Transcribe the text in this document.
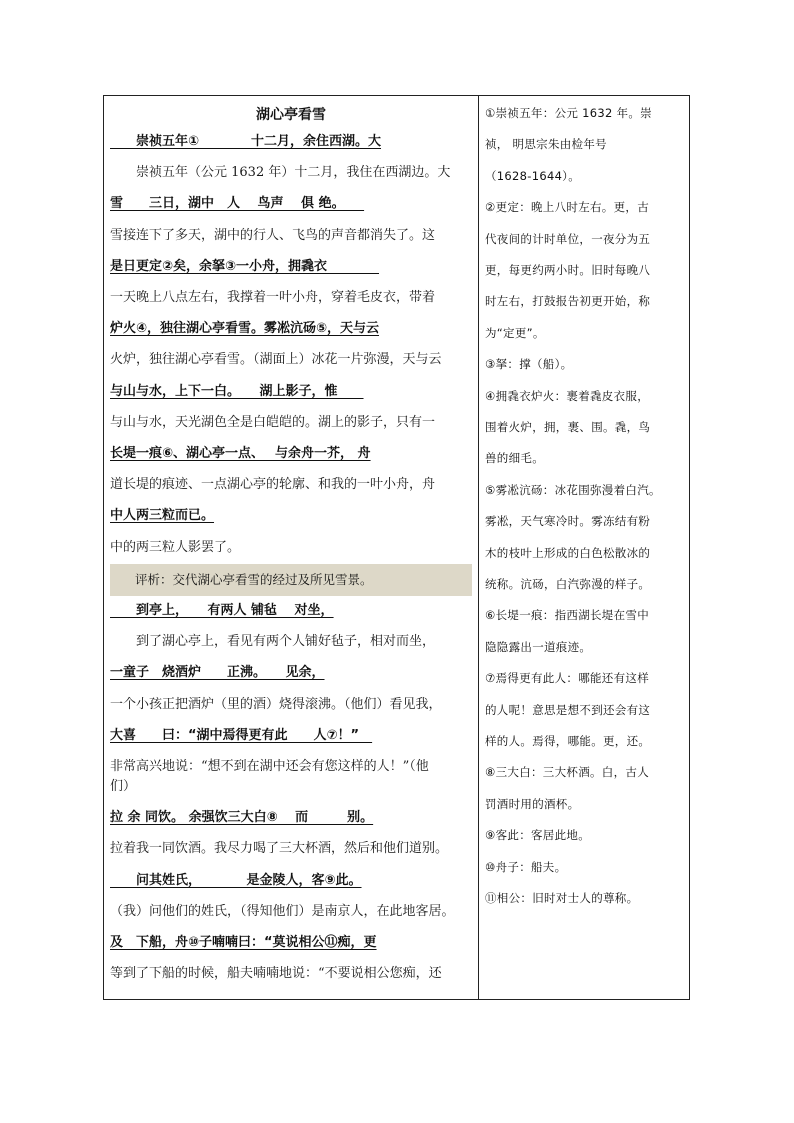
湖心亭看雪
　　崇祯五年①　　　　十二月，余住西湖。大
　　崇祯五年（公元 1632 年）十二月，我住在西湖边。大
雪　　三日，湖中　人　 鸟声　 俱 绝。　　
雪接连下了多天，湖中的行人、飞鸟的声音都消失了。这
是日更定②矣，余拏③一小舟，拥毳衣　　　　
一天晚上八点左右，我撑着一叶小舟，穿着毛皮衣，带着
炉火④，独往湖心亭看雪。雾凇沆砀⑤，天与云
火炉，独往湖心亭看雪。（湖面上）冰花一片弥漫，天与云
与山与水，上下一白。　　湖上影子，惟　　
与山与水，天光湖色全是白皑皑的。湖上的影子，只有一
长堤一痕⑥、湖心亭一点、　 与余舟一芥， 舟
道长堤的痕迹、一点湖心亭的轮廓、和我的一叶小舟，舟
中人两三粒而已。
中的两三粒人影罢了。
　　到亭上，　　有两人 铺毡　 对坐，
　　到了湖心亭上，看见有两个人铺好毡子，相对而坐，
一童子　烧酒炉　　正沸。　　见余，
一个小孩正把酒炉（里的酒）烧得滚沸。（他们）看见我，
大喜　　曰：“湖中焉得更有此　　人⑦！”　
非常高兴地说：“想不到在湖中还会有您这样的人！”（他
们）
拉 余 同饮。 余强饮三大白⑧　 而　　　别。
拉着我一同饮酒。我尽力喝了三大杯酒，然后和他们道别。
　　问其姓氏，　　　　是金陵人，客⑨此。
（我）问他们的姓氏，（得知他们）是南京人，在此地客居。
及　下船，舟⑩子喃喃曰：“莫说相公⑪痴，更
等到了下船的时候，船夫喃喃地说：“不要说相公您痴，还
　　评析：交代湖心亭看雪的经过及所见雪景。
①崇祯五年：公元 1632 年。崇
祯， 明思宗朱由检年号
（1628-1644）。
②更定：晚上八时左右。更，古
代夜间的计时单位，一夜分为五
更，每更约两小时。旧时每晚八
时左右，打鼓报告初更开始，称
为“定更”。
③拏：撑（船）。
④拥毳衣炉火：裹着毳皮衣服，
围着火炉，拥，裹、围。毳，鸟
兽的细毛。
⑤雾凇沆砀：冰花围弥漫着白汽。
雾凇，天气寒冷时。雾冻结有粉
木的枝叶上形成的白色松散冰的
统称。沆砀，白汽弥漫的样子。
⑥长堤一痕：指西湖长堤在雪中
隐隐露出一道痕迹。
⑦焉得更有此人：哪能还有这样
的人呢！意思是想不到还会有这
样的人。焉得，哪能。更，还。
⑧三大白：三大杯酒。白，古人
罚酒时用的酒杯。
⑨客此：客居此地。
⑩舟子：船夫。
⑪相公：旧时对士人的尊称。
